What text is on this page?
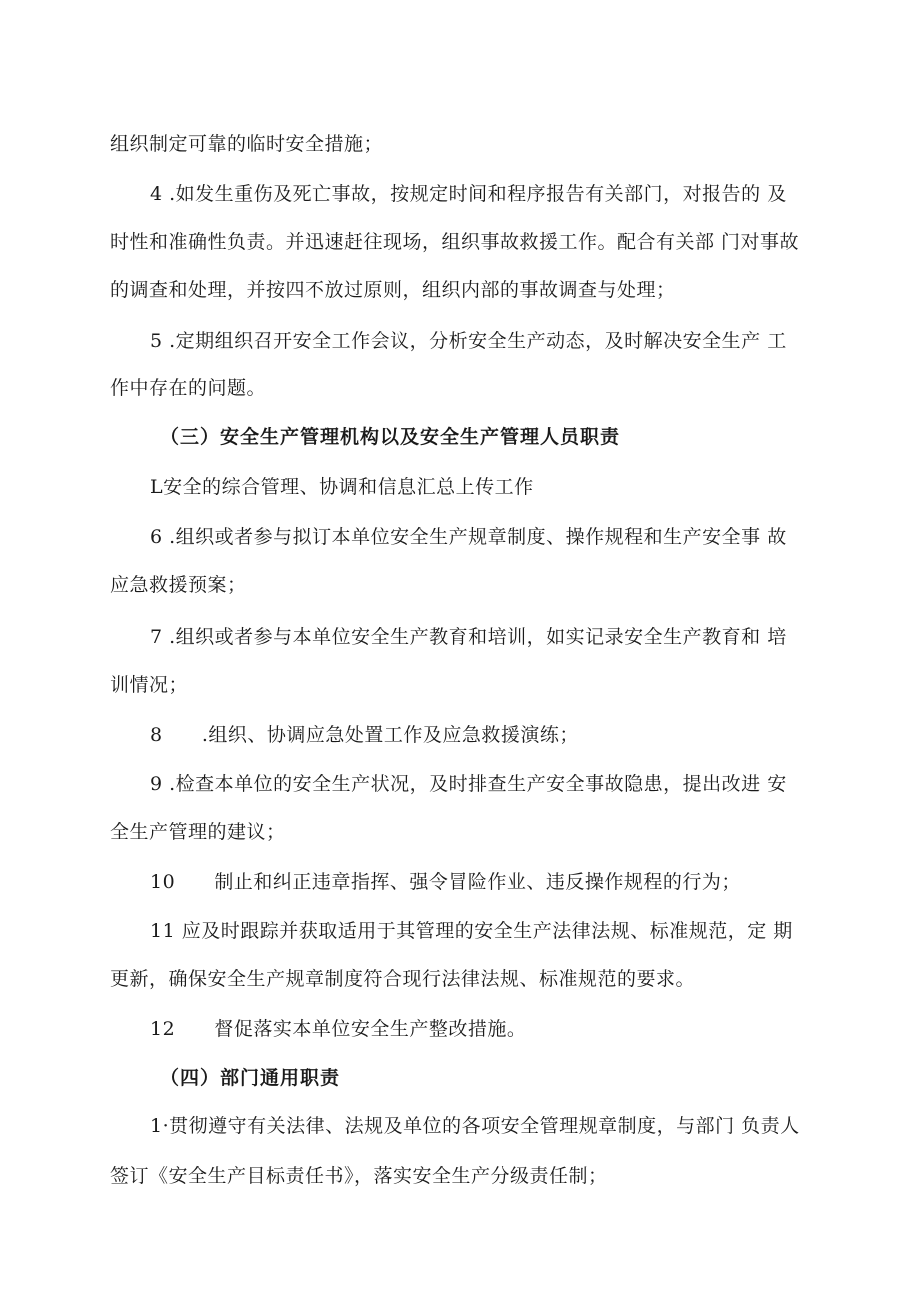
组织制定可靠的临时安全措施；
4 .如发生重伤及死亡事故，按规定时间和程序报告有关部门，对报告的 及
时性和准确性负责。并迅速赶往现场，组织事故救援工作。配合有关部 门对事故
的调查和处理，并按四不放过原则，组织内部的事故调查与处理；
5 .定期组织召开安全工作会议，分析安全生产动态，及时解决安全生产 工
作中存在的问题。
（三）安全生产管理机构以及安全生产管理人员职责
L安全的综合管理、协调和信息汇总上传工作
6 .组织或者参与拟订本单位安全生产规章制度、操作规程和生产安全事 故
应急救援预案；
7 .组织或者参与本单位安全生产教育和培训，如实记录安全生产教育和 培
训情况；
8      .组织、协调应急处置工作及应急救援演练；
9 .检查本单位的安全生产状况，及时排查生产安全事故隐患，提出改进 安
全生产管理的建议；
10      制止和纠正违章指挥、强令冒险作业、违反操作规程的行为；
11 应及时跟踪并获取适用于其管理的安全生产法律法规、标准规范，定 期
更新，确保安全生产规章制度符合现行法律法规、标准规范的要求。
12      督促落实本单位安全生产整改措施。
（四）部门通用职责
1·贯彻遵守有关法律、法规及单位的各项安全管理规章制度，与部门 负责人
签订《安全生产目标责任书》，落实安全生产分级责任制；
